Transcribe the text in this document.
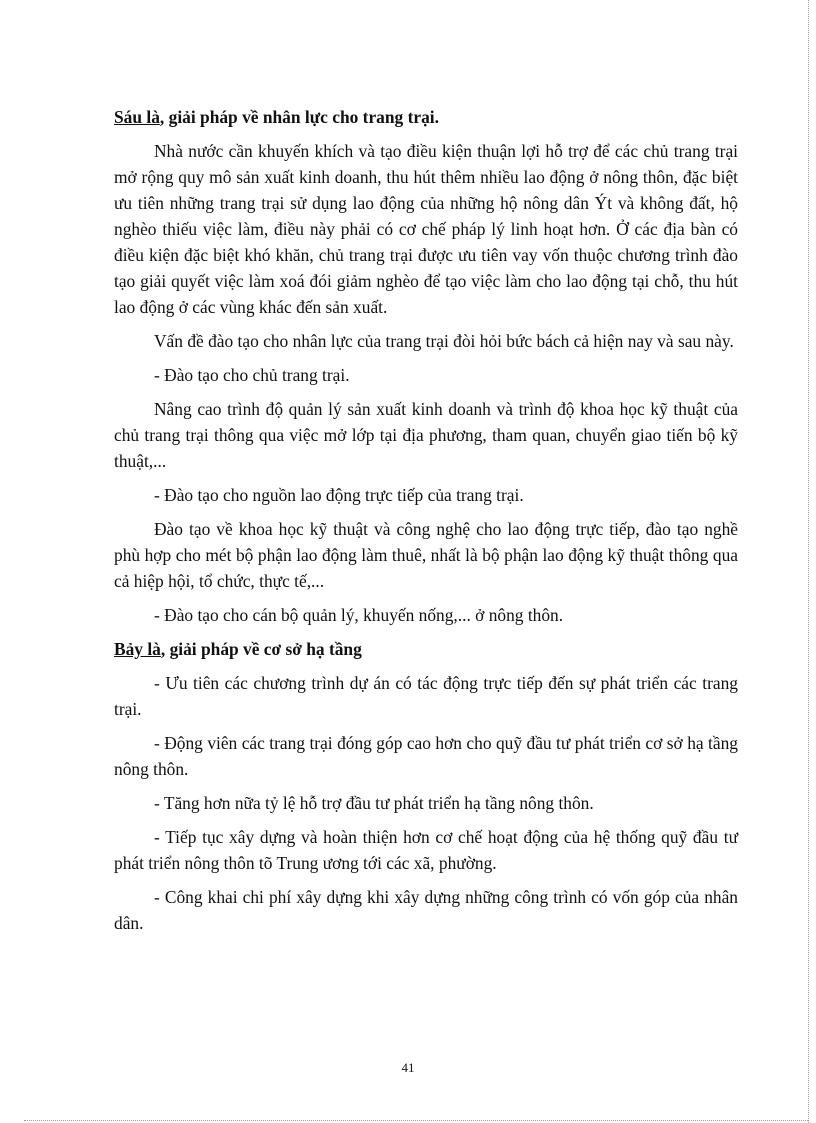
Sáu là, giải pháp về nhân lực cho trang trại.

Nhà nước cần khuyến khích và tạo điều kiện thuận lợi hỗ trợ để các chủ trang trại mở rộng quy mô sản xuất kinh doanh, thu hút thêm nhiều lao động ở nông thôn, đặc biệt ưu tiên những trang trại sử dụng lao động của những hộ nông dân Ýt và không đất, hộ nghèo thiếu việc làm, điều này phải có cơ chế pháp lý linh hoạt hơn. Ở các địa bàn có điều kiện đặc biệt khó khăn, chủ trang trại được ưu tiên vay vốn thuộc chương trình đào tạo giải quyết việc làm xoá đói giảm nghèo để tạo việc làm cho lao động tại chỗ, thu hút lao động ở các vùng khác đến sản xuất.

Vấn đề đào tạo cho nhân lực của trang trại đòi hỏi bức bách cả hiện nay và sau này.

- Đào tạo cho chủ trang trại.

Nâng cao trình độ quản lý sản xuất kinh doanh và trình độ khoa học kỹ thuật của chủ trang trại thông qua việc mở lớp tại địa phương, tham quan, chuyển giao tiến bộ kỹ thuật,...

- Đào tạo cho nguồn lao động trực tiếp của trang trại.

Đào tạo về khoa học kỹ thuật và công nghệ cho lao động trực tiếp, đào tạo nghề phù hợp cho mét bộ phận lao động làm thuê, nhất là bộ phận lao động kỹ thuật thông qua cả hiệp hội, tổ chức, thực tế,...

- Đào tạo cho cán bộ quản lý, khuyến nống,... ở nông thôn.

Bảy là, giải pháp về cơ sở hạ tầng

- Ưu tiên các chương trình dự án có tác động trực tiếp đến sự phát triển các trang trại.

- Động viên các trang trại đóng góp cao hơn cho quỹ đầu tư phát triển cơ sở hạ tầng nông thôn.

- Tăng hơn nữa tỷ lệ hỗ trợ đầu tư phát triển hạ tầng nông thôn.

- Tiếp tục xây dựng và hoàn thiện hơn cơ chế hoạt động của hệ thống quỹ đầu tư phát triển nông thôn tõ Trung ương tới các xã, phường.

- Công khai chi phí xây dựng khi xây dựng những công trình có vốn góp của nhân dân.

41
